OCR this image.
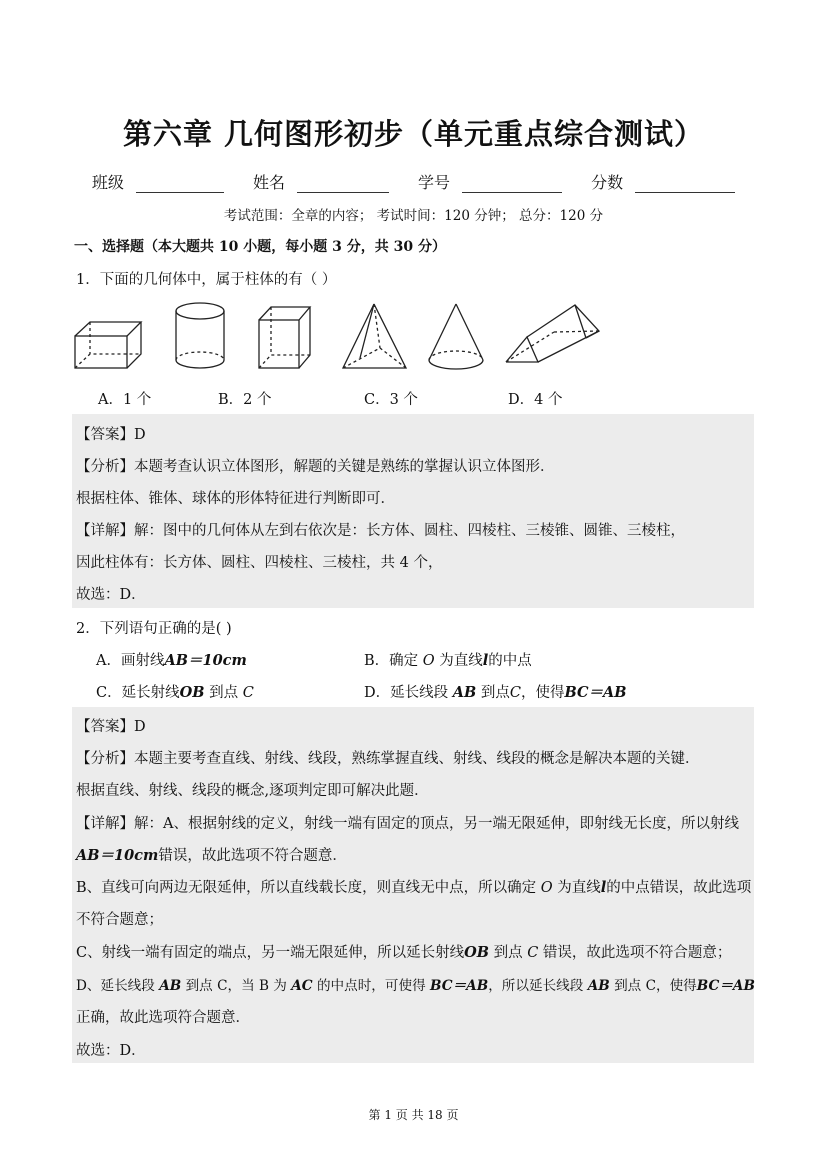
第六章 几何图形初步（单元重点综合测试）
班级	姓名	学号	分数
考试范围：全章的内容； 考试时间：120 分钟； 总分：120 分
一、选择题（本大题共 10 小题，每小题 3 分，共 30 分）
1．下面的几何体中，属于柱体的有（ ）
A．1 个	B．2 个	C．3 个	D．4 个
【答案】D
【分析】本题考查认识立体图形，解题的关键是熟练的掌握认识立体图形．
根据柱体、锥体、球体的形体特征进行判断即可．
【详解】解：图中的几何体从左到右依次是：长方体、圆柱、四棱柱、三棱锥、圆锥、三棱柱，
因此柱体有：长方体、圆柱、四棱柱、三棱柱，共 4 个，
故选：D．
2．下列语句正确的是( )
A．画射线AB＝10cm	B．确定 O 为直线l的中点
C．延长射线OB 到点 C	D．延长线段 AB 到点C，使得BC＝AB
【答案】D
【分析】本题主要考查直线、射线、线段，熟练掌握直线、射线、线段的概念是解决本题的关键．
根据直线、射线、线段的概念,逐项判定即可解决此题．
【详解】解：A、根据射线的定义，射线一端有固定的顶点，另一端无限延伸，即射线无长度，所以射线
AB＝10cm错误，故此选项不符合题意．
B、直线可向两边无限延伸，所以直线载长度，则直线无中点，所以确定 O 为直线l的中点错误，故此选项
不符合题意；
C、射线一端有固定的端点，另一端无限延伸，所以延长射线OB 到点 C 错误，故此选项不符合题意；
D、延长线段 AB 到点 C，当 B 为 AC 的中点时，可使得 BC＝AB，所以延长线段 AB 到点 C，使得BC＝AB
正确，故此选项符合题意．
故选：D．
第 1 页 共 18 页
